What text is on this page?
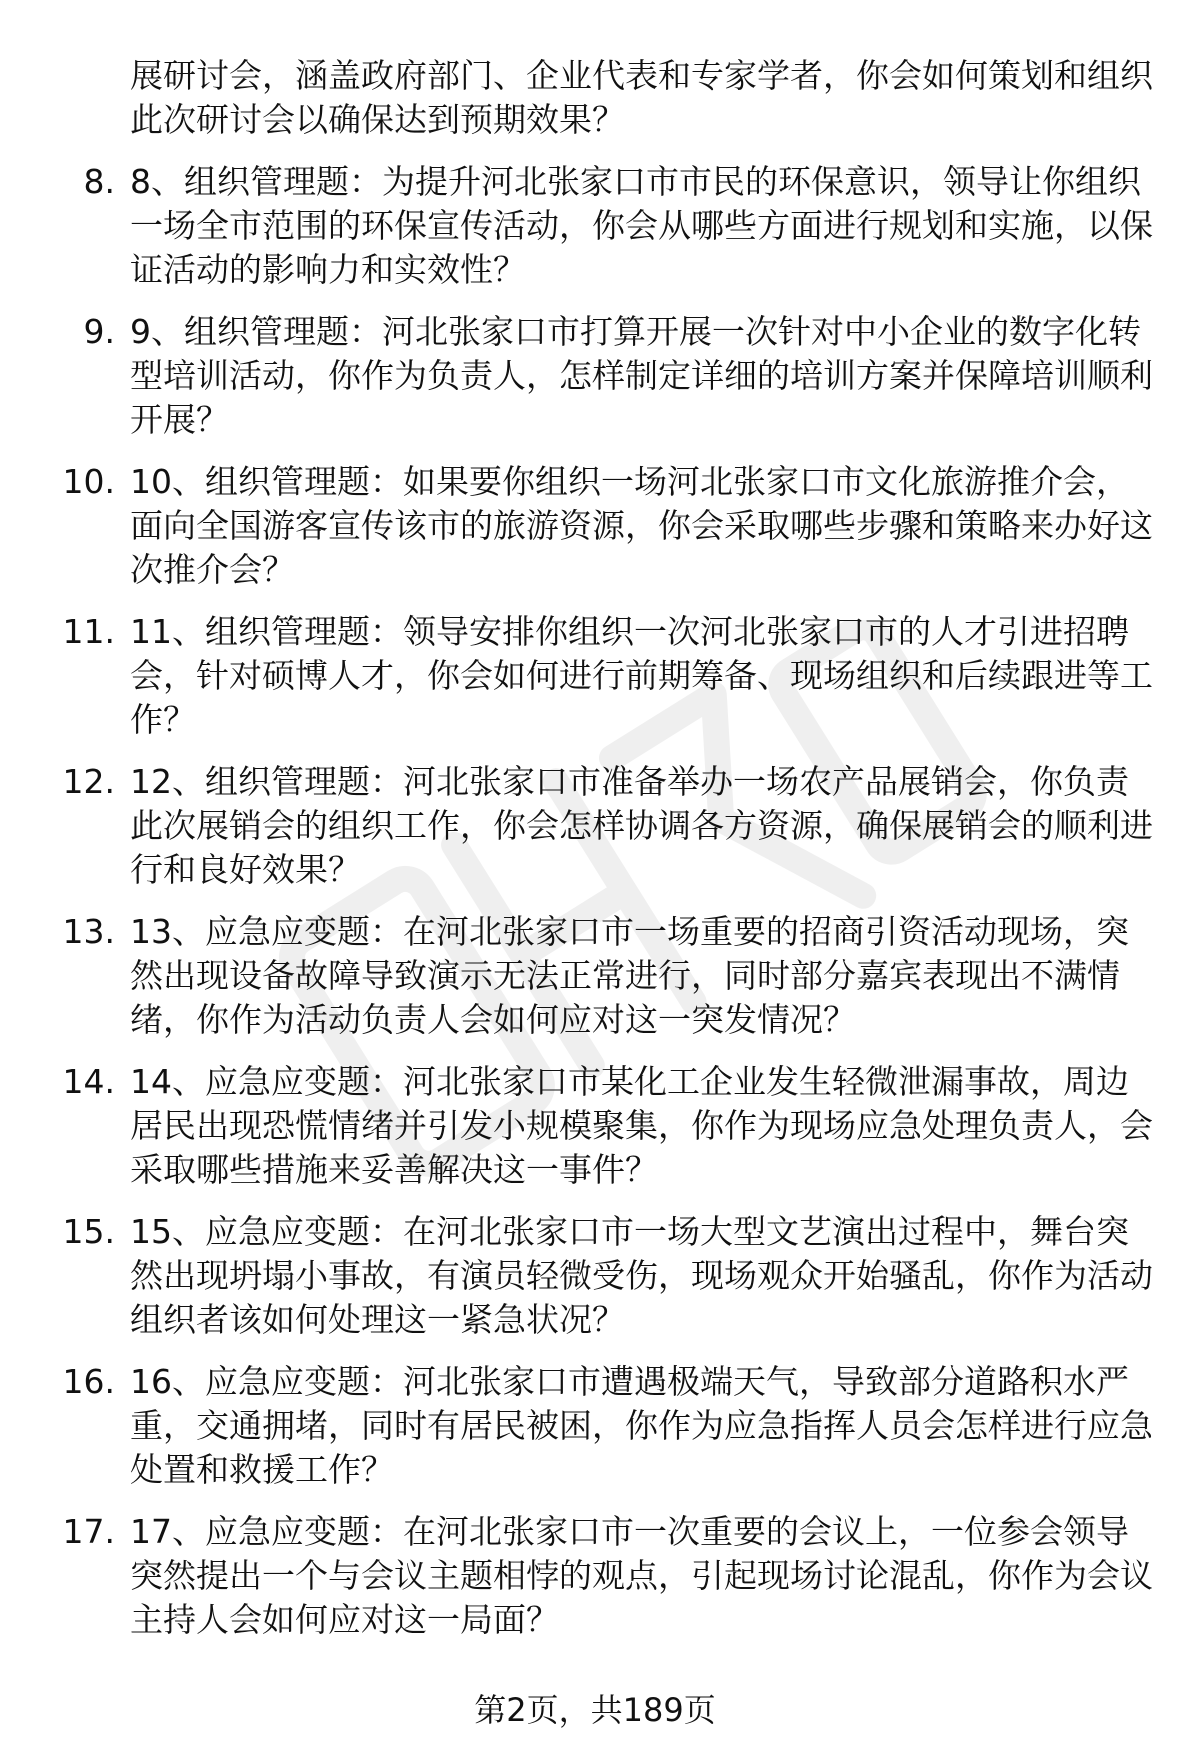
展研讨会，涵盖政府部门、企业代表和专家学者，你会如何策划和组织此次研讨会以确保达到预期效果？
8. 8、组织管理题：为提升河北张家口市市民的环保意识，领导让你组织一场全市范围的环保宣传活动，你会从哪些方面进行规划和实施，以保证活动的影响力和实效性？
9. 9、组织管理题：河北张家口市打算开展一次针对中小企业的数字化转型培训活动，你作为负责人，怎样制定详细的培训方案并保障培训顺利开展？
10. 10、组织管理题：如果要你组织一场河北张家口市文化旅游推介会，面向全国游客宣传该市的旅游资源，你会采取哪些步骤和策略来办好这次推介会？
11. 11、组织管理题：领导安排你组织一次河北张家口市的人才引进招聘会，针对硕博人才，你会如何进行前期筹备、现场组织和后续跟进等工作？
12. 12、组织管理题：河北张家口市准备举办一场农产品展销会，你负责此次展销会的组织工作，你会怎样协调各方资源，确保展销会的顺利进行和良好效果？
13. 13、应急应变题：在河北张家口市一场重要的招商引资活动现场，突然出现设备故障导致演示无法正常进行，同时部分嘉宾表现出不满情绪，你作为活动负责人会如何应对这一突发情况？
14. 14、应急应变题：河北张家口市某化工企业发生轻微泄漏事故，周边居民出现恐慌情绪并引发小规模聚集，你作为现场应急处理负责人，会采取哪些措施来妥善解决这一事件？
15. 15、应急应变题：在河北张家口市一场大型文艺演出过程中，舞台突然出现坍塌小事故，有演员轻微受伤，现场观众开始骚乱，你作为活动组织者该如何处理这一紧急状况？
16. 16、应急应变题：河北张家口市遭遇极端天气，导致部分道路积水严重，交通拥堵，同时有居民被困，你作为应急指挥人员会怎样进行应急处置和救援工作？
17. 17、应急应变题：在河北张家口市一次重要的会议上，一位参会领导突然提出一个与会议主题相悖的观点，引起现场讨论混乱，你作为会议主持人会如何应对这一局面？
第2页，共189页
